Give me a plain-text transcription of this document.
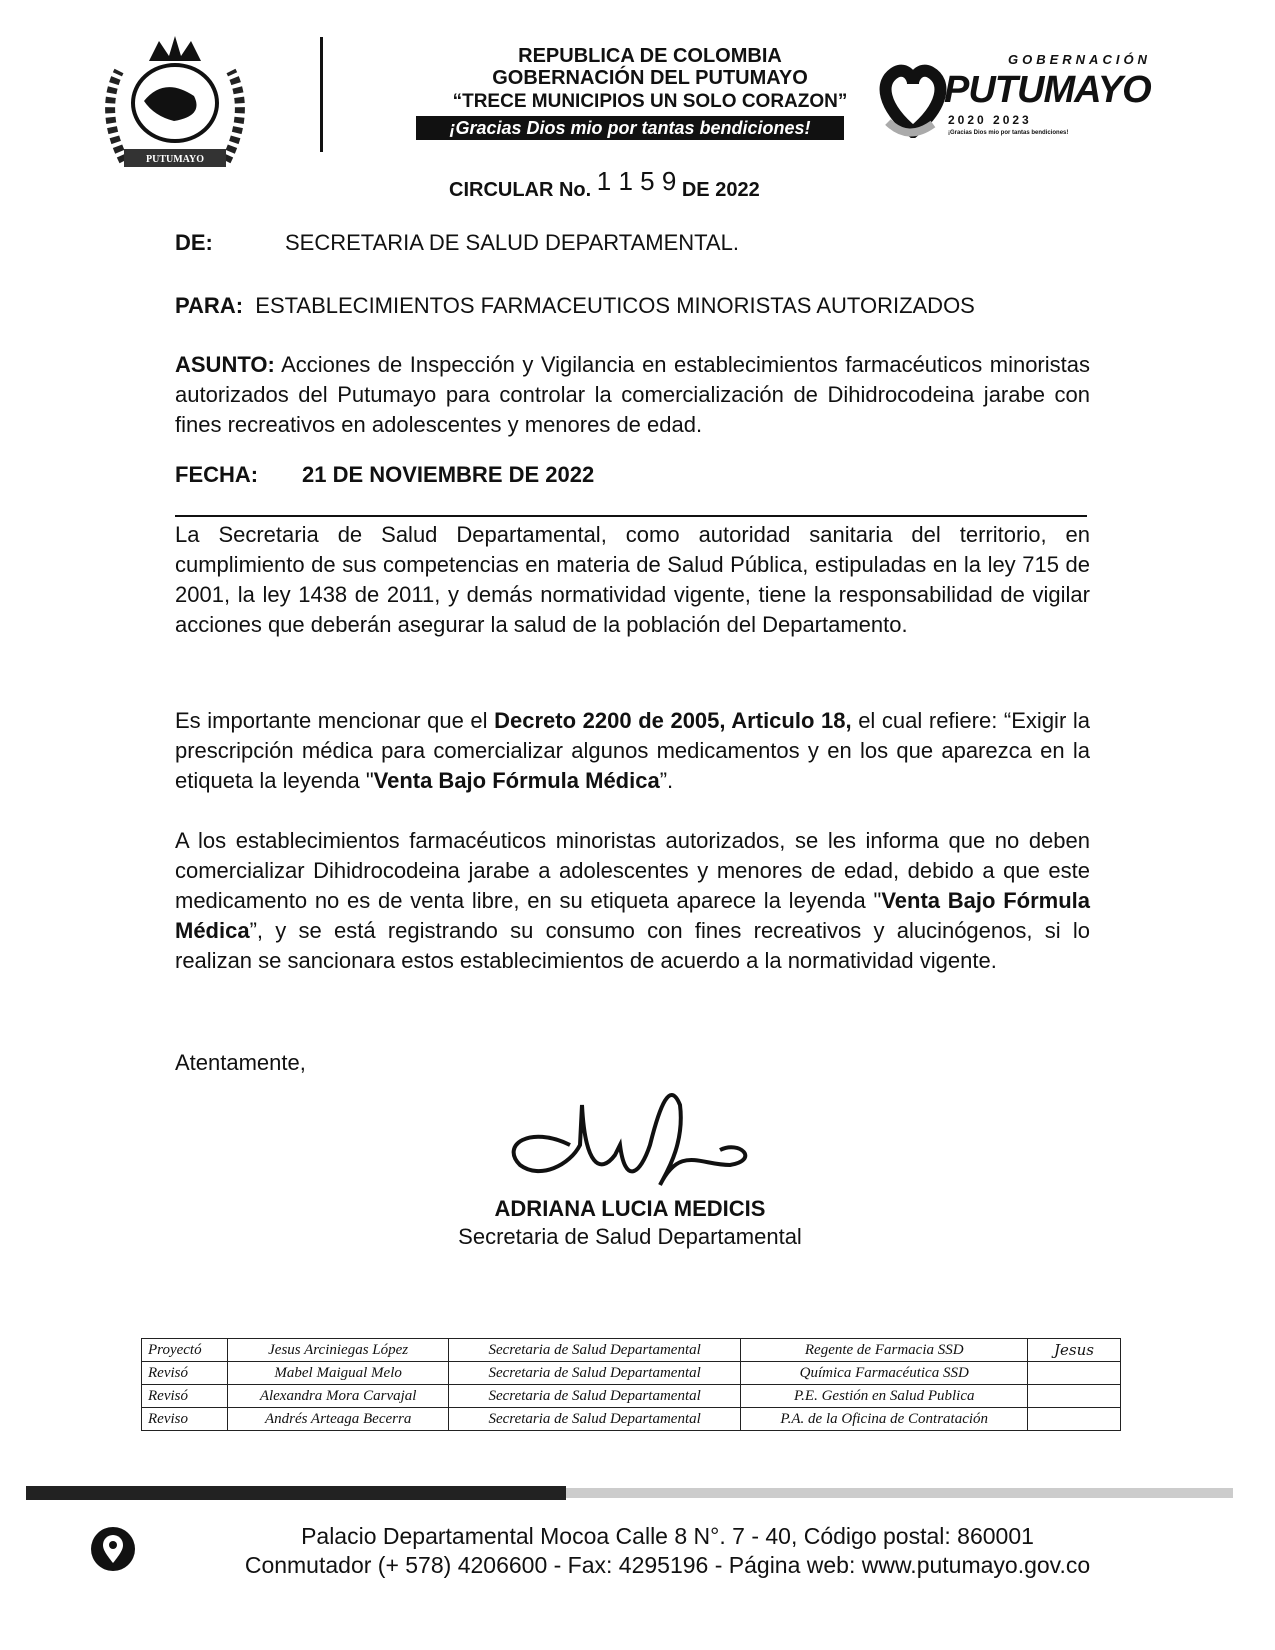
PUTUMAYO
REPUBLICA DE COLOMBIA
GOBERNACIÓN DEL PUTUMAYO
“TRECE MUNICIPIOS UN SOLO CORAZON”
¡Gracias Dios mio por tantas bendiciones!
GOBERNACIÓN
PUTUMAYO
2020 2023
¡Gracias Dios mio por tantas bendiciones!
CIRCULAR No. 1 1 5 9 DE 2022
DE:	SECRETARIA DE SALUD DEPARTAMENTAL.
PARA: ESTABLECIMIENTOS FARMACEUTICOS MINORISTAS AUTORIZADOS
ASUNTO: Acciones de Inspección y Vigilancia en establecimientos farmacéuticos minoristas autorizados del Putumayo para controlar la comercialización de Dihidrocodeina jarabe con fines recreativos en adolescentes y menores de edad.
FECHA: 21 DE NOVIEMBRE DE 2022
La Secretaria de Salud Departamental, como autoridad sanitaria del territorio, en cumplimiento de sus competencias en materia de Salud Pública, estipuladas en la ley 715 de 2001, la ley 1438 de 2011, y demás normatividad vigente, tiene la responsabilidad de vigilar acciones que deberán asegurar la salud de la población del Departamento.
Es importante mencionar que el Decreto 2200 de 2005, Articulo 18, el cual refiere: “Exigir la prescripción médica para comercializar algunos medicamentos y en los que aparezca en la etiqueta la leyenda "Venta Bajo Fórmula Médica”.
A los establecimientos farmacéuticos minoristas autorizados, se les informa que no deben comercializar Dihidrocodeina jarabe a adolescentes y menores de edad, debido a que este medicamento no es de venta libre, en su etiqueta aparece la leyenda "Venta Bajo Fórmula Médica”, y se está registrando su consumo con fines recreativos y alucinógenos, si lo realizan se sancionara estos establecimientos de acuerdo a la normatividad vigente.
Atentamente,
ADRIANA LUCIA MEDICIS
Secretaria de Salud Departamental
Proyectó	Jesus Arciniegas López	Secretaria de Salud Departamental	Regente de Farmacia SSD	Jesus
Revisó	Mabel Maigual Melo	Secretaria de Salud Departamental	Química Farmacéutica SSD	
Revisó	Alexandra Mora Carvajal	Secretaria de Salud Departamental	P.E. Gestión en Salud Publica	
Reviso	Andrés Arteaga Becerra	Secretaria de Salud Departamental	P.A. de la Oficina de Contratación	
Palacio Departamental Mocoa Calle 8 N°. 7 - 40, Código postal: 860001
Conmutador (+ 578) 4206600 - Fax: 4295196 - Página web: www.putumayo.gov.co
